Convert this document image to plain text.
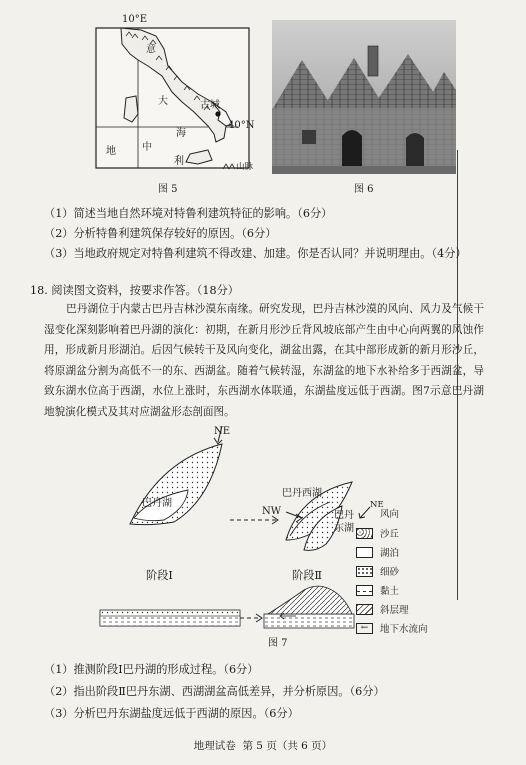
10°E
意
大	古城
海
40°N
地	中
利	山脉
图 5	图 6
（1）简述当地自然环境对特鲁利建筑特征的影响。（6分）
（2）分析特鲁利建筑保存较好的原因。（6分）
（3）当地政府规定对特鲁利建筑不得改建、加建。你是否认同？并说明理由。（4分）
18. 阅读图文资料，按要求作答。（18分）
巴丹湖位于内蒙古巴丹吉林沙漠东南缘。研究发现，巴丹吉林沙漠的风向、风力及气候干湿变化深刻影响着巴丹湖的演化：初期，在新月形沙丘背风坡底部产生由中心向两翼的风蚀作用，形成新月形湖泊。后因气候转干及风向变化，湖盆出露，在其中部形成新的新月形沙丘，将原湖盆分割为高低不一的东、西湖盆。随着气候转湿，东湖盆的地下水补给多于西湖盆，导致东湖水位高于西湖，水位上涨时，东西湖水体联通，东湖盐度远低于西湖。图7示意巴丹湖地貌演化模式及其对应湖盆形态剖面图。
NE
巴丹湖
巴丹西湖
NW	巴丹
东湖
阶段Ⅰ	阶段Ⅱ
图 7
NE
风向
沙丘
湖泊
细砂
黏土
斜层理
←	地下水流向
（1）推测阶段Ⅰ巴丹湖的形成过程。（6分）
（2）指出阶段Ⅱ巴丹东湖、西湖湖盆高低差异，并分析原因。（6分）
（3）分析巴丹东湖盐度远低于西湖的原因。（6分）
地理试卷  第 5 页（共 6 页）
